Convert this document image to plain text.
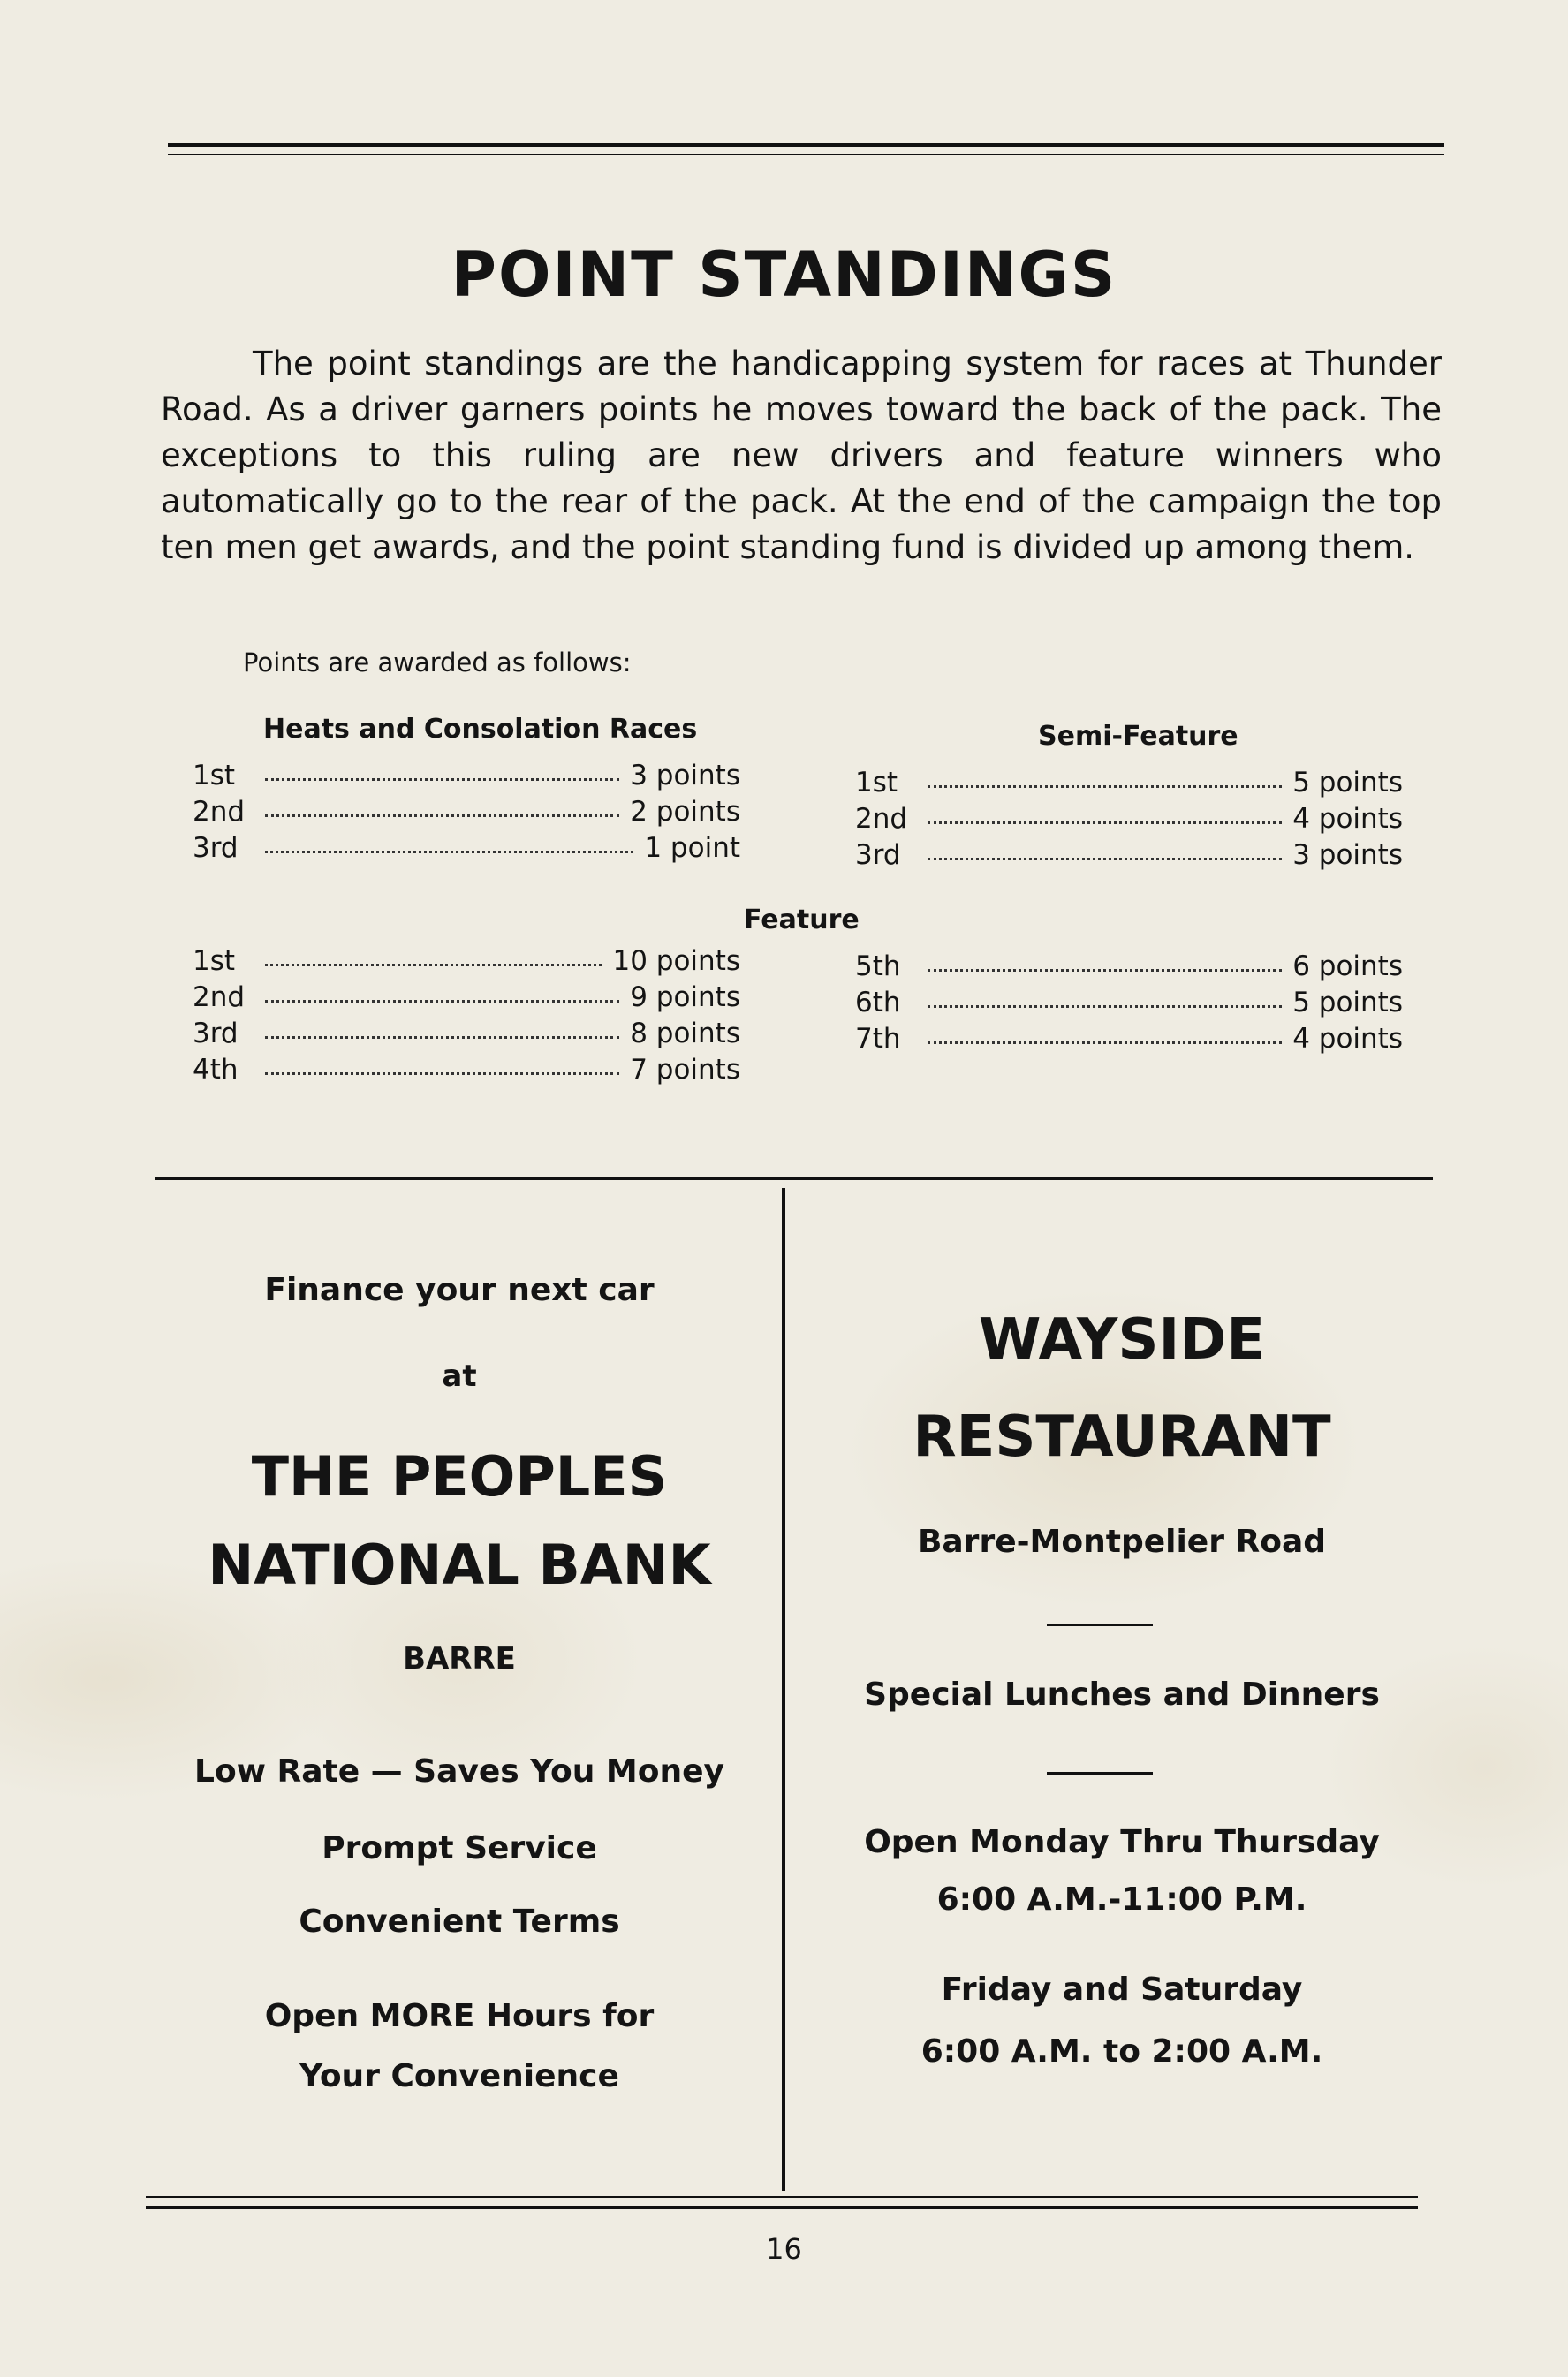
POINT STANDINGS
The point standings are the handicapping system for races at Thunder Road. As a driver garners points he moves toward the back of the pack. The exceptions to this ruling are new drivers and feature winners who automatically go to the rear of the pack. At the end of the campaign the top ten men get awards, and the point standing fund is divided up among them.
Points are awarded as follows:
Heats and Consolation Races
1st	3 points
2nd	2 points
3rd	1 point
Semi-Feature
1st	5 points
2nd	4 points
3rd	3 points
Feature
1st	10 points
2nd	9 points
3rd	8 points
4th	7 points
5th	6 points
6th	5 points
7th	4 points
Finance your next car
at
THE PEOPLES
NATIONAL BANK
BARRE
Low Rate — Saves You Money
Prompt Service
Convenient Terms
Open MORE Hours for
Your Convenience
WAYSIDE
RESTAURANT
Barre-Montpelier Road
Special Lunches and Dinners
Open Monday Thru Thursday
6:00 A.M.-11:00 P.M.
Friday and Saturday
6:00 A.M. to 2:00 A.M.
16
